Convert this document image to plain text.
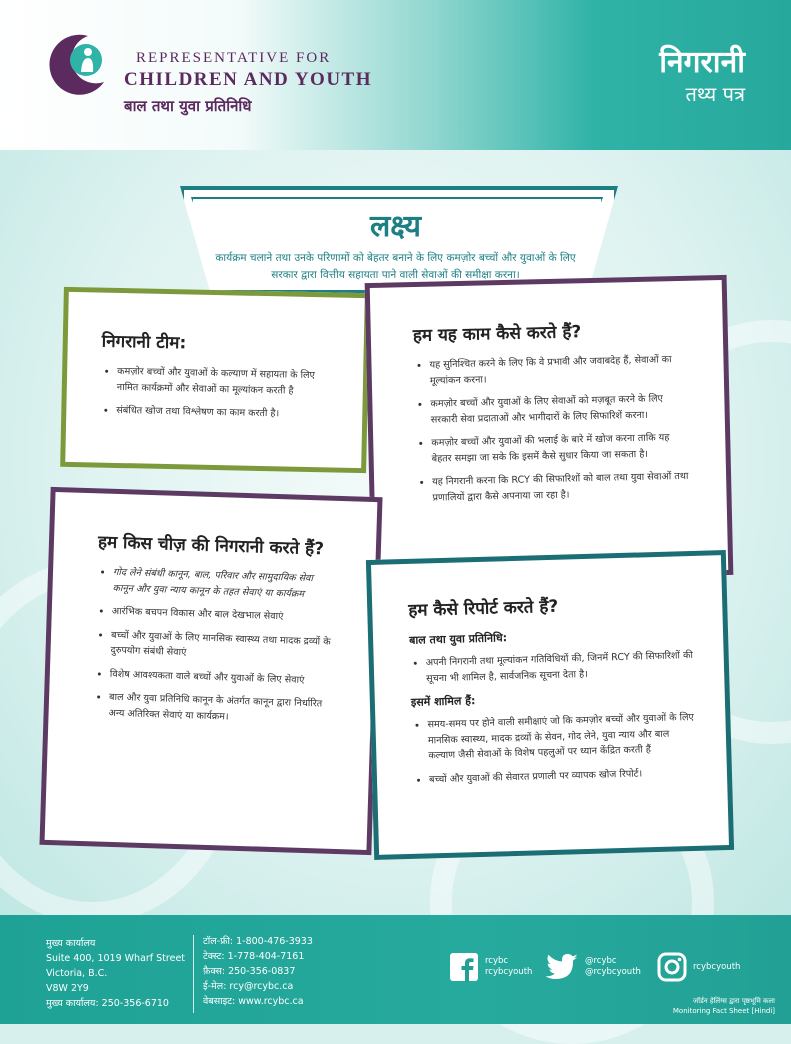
REPRESENTATIVE FOR
CHILDREN AND YOUTH
बाल तथा युवा प्रतिनिधि
निगरानी
तथ्य पत्र
लक्ष्य
कार्यक्रम चलाने तथा उनके परिणामों को बेहतर बनाने के लिए कमज़ोर बच्चों और युवाओं के लिए सरकार द्वारा वित्तीय सहायता पाने वाली सेवाओं की समीक्षा करना।
निगरानी टीम:
• कमज़ोर बच्चों और युवाओं के कल्याण में सहायता के लिए नामित कार्यक्रमों और सेवाओं का मूल्यांकन करती है
• संबंधित खोज तथा विश्लेषण का काम करती है।
हम यह काम कैसे करते हैं?
• यह सुनिश्चित करने के लिए कि वे प्रभावी और जवाबदेह हैं, सेवाओं का मूल्यांकन करना।
• कमज़ोर बच्चों और युवाओं के लिए सेवाओं को मज़बूत करने के लिए सरकारी सेवा प्रदाताओं और भागीदारों के लिए सिफारिशें करना।
• कमज़ोर बच्चों और युवाओं की भलाई के बारे में खोज करना ताकि यह बेहतर समझा जा सके कि इसमें कैसे सुधार किया जा सकता है।
• यह निगरानी करना कि RCY की सिफारिशों को बाल तथा युवा सेवाओं तथा प्रणालियों द्वारा कैसे अपनाया जा रहा है।
हम किस चीज़ की निगरानी करते हैं?
• गोद लेने संबंधी कानून, बाल, परिवार और सामुदायिक सेवा कानून और युवा न्याय कानून के तहत सेवाएं या कार्यक्रम
• आरंभिक बचपन विकास और बाल देखभाल सेवाएं
• बच्चों और युवाओं के लिए मानसिक स्वास्थ्य तथा मादक द्रव्यों के दुरुपयोग संबंधी सेवाएं
• विशेष आवश्यकता वाले बच्चों और युवाओं के लिए सेवाएं
• बाल और युवा प्रतिनिधि कानून के अंतर्गत कानून द्वारा निर्धारित अन्य अतिरिक्त सेवाएं या कार्यक्रम।
हम कैसे रिपोर्ट करते हैं?
बाल तथा युवा प्रतिनिधि:
• अपनी निगरानी तथा मूल्यांकन गतिविधियों की, जिनमें RCY की सिफारिशों की सूचना भी शामिल है, सार्वजनिक सूचना देता है।
इसमें शामिल हैं:
• समय-समय पर होने वाली समीक्षाएं जो कि कमज़ोर बच्चों और युवाओं के लिए मानसिक स्वास्थ्य, मादक द्रव्यों के सेवन, गोद लेने, युवा न्याय और बाल कल्याण जैसी सेवाओं के विशेष पहलुओं पर ध्यान केंद्रित करती हैं
• बच्चों और युवाओं की सेवारत प्रणाली पर व्यापक खोज रिपोर्ट।
मुख्य कार्यालय
Suite 400, 1019 Wharf Street
Victoria, B.C.
V8W 2Y9
मुख्य कार्यालय: 250-356-6710
टॉल-फ्री: 1-800-476-3933
टेक्स्ट: 1-778-404-7161
फ़ैक्स: 250-356-0837
ई-मेल: rcy@rcybc.ca
वेबसाइट: www.rcybc.ca
rcybc
rcybcyouth
@rcybc
@rcybcyouth
rcybcyouth
जॉर्डन हेलिंग्स द्वारा पृष्ठभूमि कला
Monitoring Fact Sheet [Hindi]
